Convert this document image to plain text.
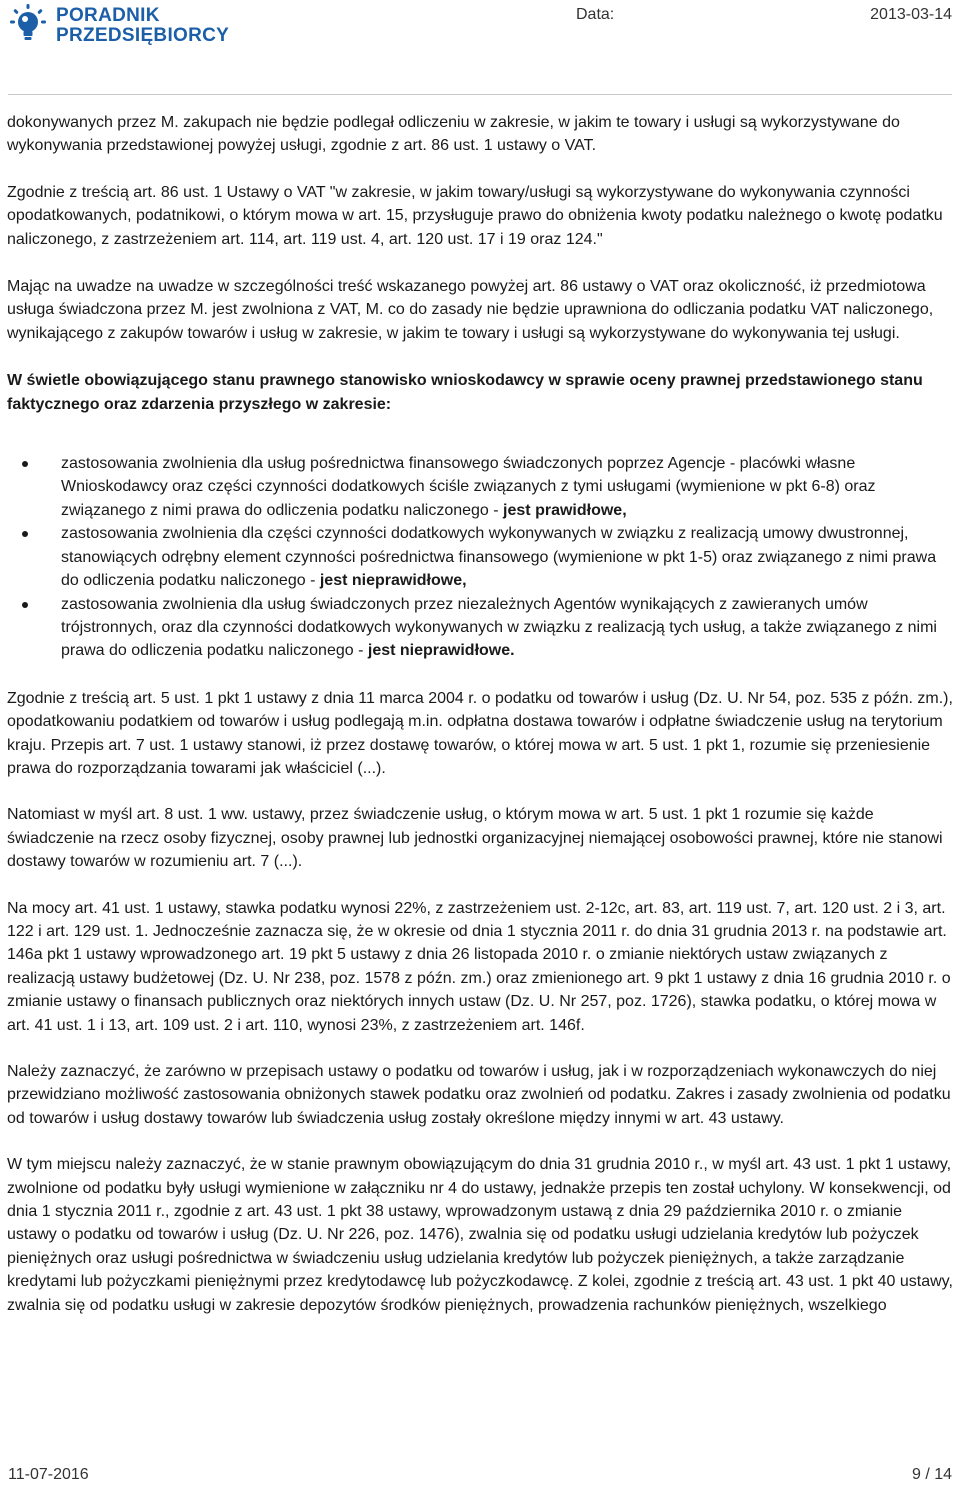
PORADNIK
PRZEDSIĘBIORCY
Data:	2013-03-14

dokonywanych przez M. zakupach nie będzie podlegał odliczeniu w zakresie, w jakim te towary i usługi są wykorzystywane do wykonywania przedstawionej powyżej usługi, zgodnie z art. 86 ust. 1 ustawy o VAT.

Zgodnie z treścią art. 86 ust. 1 Ustawy o VAT "w zakresie, w jakim towary/usługi są wykorzystywane do wykonywania czynności opodatkowanych, podatnikowi, o którym mowa w art. 15, przysługuje prawo do obniżenia kwoty podatku należnego o kwotę podatku naliczonego, z zastrzeżeniem art. 114, art. 119 ust. 4, art. 120 ust. 17 i 19 oraz 124."

Mając na uwadze na uwadze w szczególności treść wskazanego powyżej art. 86 ustawy o VAT oraz okoliczność, iż przedmiotowa usługa świadczona przez M. jest zwolniona z VAT, M. co do zasady nie będzie uprawniona do odliczania podatku VAT naliczonego, wynikającego z zakupów towarów i usług w zakresie, w jakim te towary i usługi są wykorzystywane do wykonywania tej usługi.

W świetle obowiązującego stanu prawnego stanowisko wnioskodawcy w sprawie oceny prawnej przedstawionego stanu faktycznego oraz zdarzenia przyszłego w zakresie:

zastosowania zwolnienia dla usług pośrednictwa finansowego świadczonych poprzez Agencje - placówki własne Wnioskodawcy oraz części czynności dodatkowych ściśle związanych z tymi usługami (wymienione w pkt 6-8) oraz związanego z nimi prawa do odliczenia podatku naliczonego - jest prawidłowe,
zastosowania zwolnienia dla części czynności dodatkowych wykonywanych w związku z realizacją umowy dwustronnej, stanowiących odrębny element czynności pośrednictwa finansowego (wymienione w pkt 1-5) oraz związanego z nimi prawa do odliczenia podatku naliczonego - jest nieprawidłowe,
zastosowania zwolnienia dla usług świadczonych przez niezależnych Agentów wynikających z zawieranych umów trójstronnych, oraz dla czynności dodatkowych wykonywanych w związku z realizacją tych usług, a także związanego z nimi prawa do odliczenia podatku naliczonego - jest nieprawidłowe.

Zgodnie z treścią art. 5 ust. 1 pkt 1 ustawy z dnia 11 marca 2004 r. o podatku od towarów i usług (Dz. U. Nr 54, poz. 535 z późn. zm.), opodatkowaniu podatkiem od towarów i usług podlegają m.in. odpłatna dostawa towarów i odpłatne świadczenie usług na terytorium kraju. Przepis art. 7 ust. 1 ustawy stanowi, iż przez dostawę towarów, o której mowa w art. 5 ust. 1 pkt 1, rozumie się przeniesienie prawa do rozporządzania towarami jak właściciel (...).

Natomiast w myśl art. 8 ust. 1 ww. ustawy, przez świadczenie usług, o którym mowa w art. 5 ust. 1 pkt 1 rozumie się każde świadczenie na rzecz osoby fizycznej, osoby prawnej lub jednostki organizacyjnej niemającej osobowości prawnej, które nie stanowi dostawy towarów w rozumieniu art. 7 (...).

Na mocy art. 41 ust. 1 ustawy, stawka podatku wynosi 22%, z zastrzeżeniem ust. 2-12c, art. 83, art. 119 ust. 7, art. 120 ust. 2 i 3, art. 122 i art. 129 ust. 1. Jednocześnie zaznacza się, że w okresie od dnia 1 stycznia 2011 r. do dnia 31 grudnia 2013 r. na podstawie art. 146a pkt 1 ustawy wprowadzonego art. 19 pkt 5 ustawy z dnia 26 listopada 2010 r. o zmianie niektórych ustaw związanych z realizacją ustawy budżetowej (Dz. U. Nr 238, poz. 1578 z późn. zm.) oraz zmienionego art. 9 pkt 1 ustawy z dnia 16 grudnia 2010 r. o zmianie ustawy o finansach publicznych oraz niektórych innych ustaw (Dz. U. Nr 257, poz. 1726), stawka podatku, o której mowa w art. 41 ust. 1 i 13, art. 109 ust. 2 i art. 110, wynosi 23%, z zastrzeżeniem art. 146f.

Należy zaznaczyć, że zarówno w przepisach ustawy o podatku od towarów i usług, jak i w rozporządzeniach wykonawczych do niej przewidziano możliwość zastosowania obniżonych stawek podatku oraz zwolnień od podatku. Zakres i zasady zwolnienia od podatku od towarów i usług dostawy towarów lub świadczenia usług zostały określone między innymi w art. 43 ustawy.

W tym miejscu należy zaznaczyć, że w stanie prawnym obowiązującym do dnia 31 grudnia 2010 r., w myśl art. 43 ust. 1 pkt 1 ustawy, zwolnione od podatku były usługi wymienione w załączniku nr 4 do ustawy, jednakże przepis ten został uchylony. W konsekwencji, od dnia 1 stycznia 2011 r., zgodnie z art. 43 ust. 1 pkt 38 ustawy, wprowadzonym ustawą z dnia 29 października 2010 r. o zmianie ustawy o podatku od towarów i usług (Dz. U. Nr 226, poz. 1476), zwalnia się od podatku usługi udzielania kredytów lub pożyczek pieniężnych oraz usługi pośrednictwa w świadczeniu usług udzielania kredytów lub pożyczek pieniężnych, a także zarządzanie kredytami lub pożyczkami pieniężnymi przez kredytodawcę lub pożyczkodawcę. Z kolei, zgodnie z treścią art. 43 ust. 1 pkt 40 ustawy, zwalnia się od podatku usługi w zakresie depozytów środków pieniężnych, prowadzenia rachunków pieniężnych, wszelkiego

11-07-2016	9 / 14
